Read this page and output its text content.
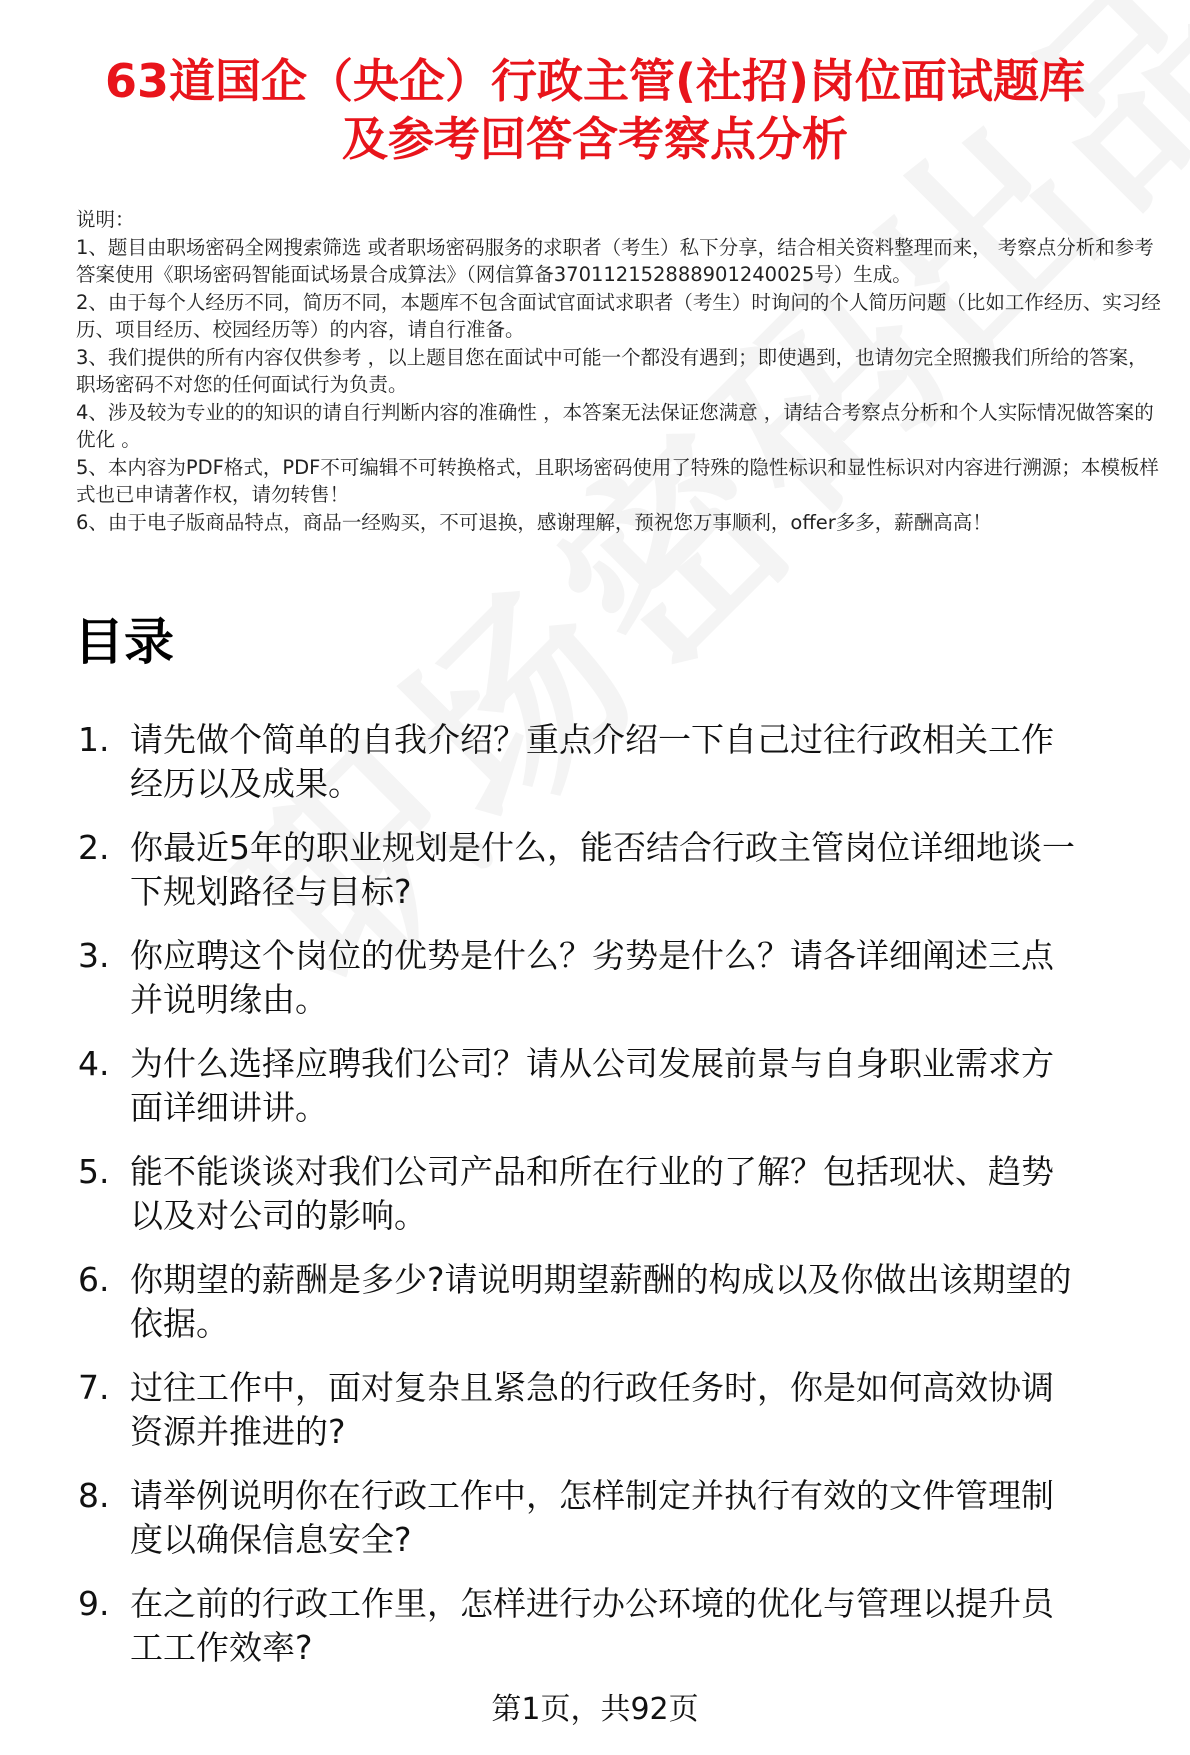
63道国企（央企）行政主管(社招)岗位面试题库
及参考回答含考察点分析

说明：

1、题目由职场密码全网搜索筛选 或者职场密码服务的求职者（考生）私下分享，结合相关资料整理而来， 考察点分析和参考答案使用《职场密码智能面试场景合成算法》（网信算备370112152888901240025号）生成。

2、由于每个人经历不同，简历不同，本题库不包含面试官面试求职者（考生）时询问的个人简历问题（比如工作经历、实习经历、项目经历、校园经历等）的内容，请自行准备。

3、我们提供的所有内容仅供参考 ，以上题目您在面试中可能一个都没有遇到；即使遇到，也请勿完全照搬我们所给的答案，职场密码不对您的任何面试行为负责。

4、涉及较为专业的的知识的请自行判断内容的准确性 ，本答案无法保证您满意 ，请结合考察点分析和个人实际情况做答案的优化 。

5、本内容为PDF格式，PDF不可编辑不可转换格式，且职场密码使用了特殊的隐性标识和显性标识对内容进行溯源；本模板样式也已申请著作权，请勿转售！

6、由于电子版商品特点，商品一经购买，不可退换，感谢理解，预祝您万事顺利，offer多多，薪酬高高！

目录
1. 请先做个简单的自我介绍？重点介绍一下自己过往行政相关工作
经历以及成果。
2. 你最近5年的职业规划是什么，能否结合行政主管岗位详细地谈一
下规划路径与目标?
3. 你应聘这个岗位的优势是什么？劣势是什么？请各详细阐述三点
并说明缘由。
4. 为什么选择应聘我们公司？请从公司发展前景与自身职业需求方
面详细讲讲。
5. 能不能谈谈对我们公司产品和所在行业的了解？包括现状、趋势
以及对公司的影响。
6. 你期望的薪酬是多少?请说明期望薪酬的构成以及你做出该期望的
依据。
7. 过往工作中，面对复杂且紧急的行政任务时，你是如何高效协调
资源并推进的?
8. 请举例说明你在行政工作中，怎样制定并执行有效的文件管理制
度以确保信息安全?
9. 在之前的行政工作里，怎样进行办公环境的优化与管理以提升员
工工作效率?
第1页，共92页
